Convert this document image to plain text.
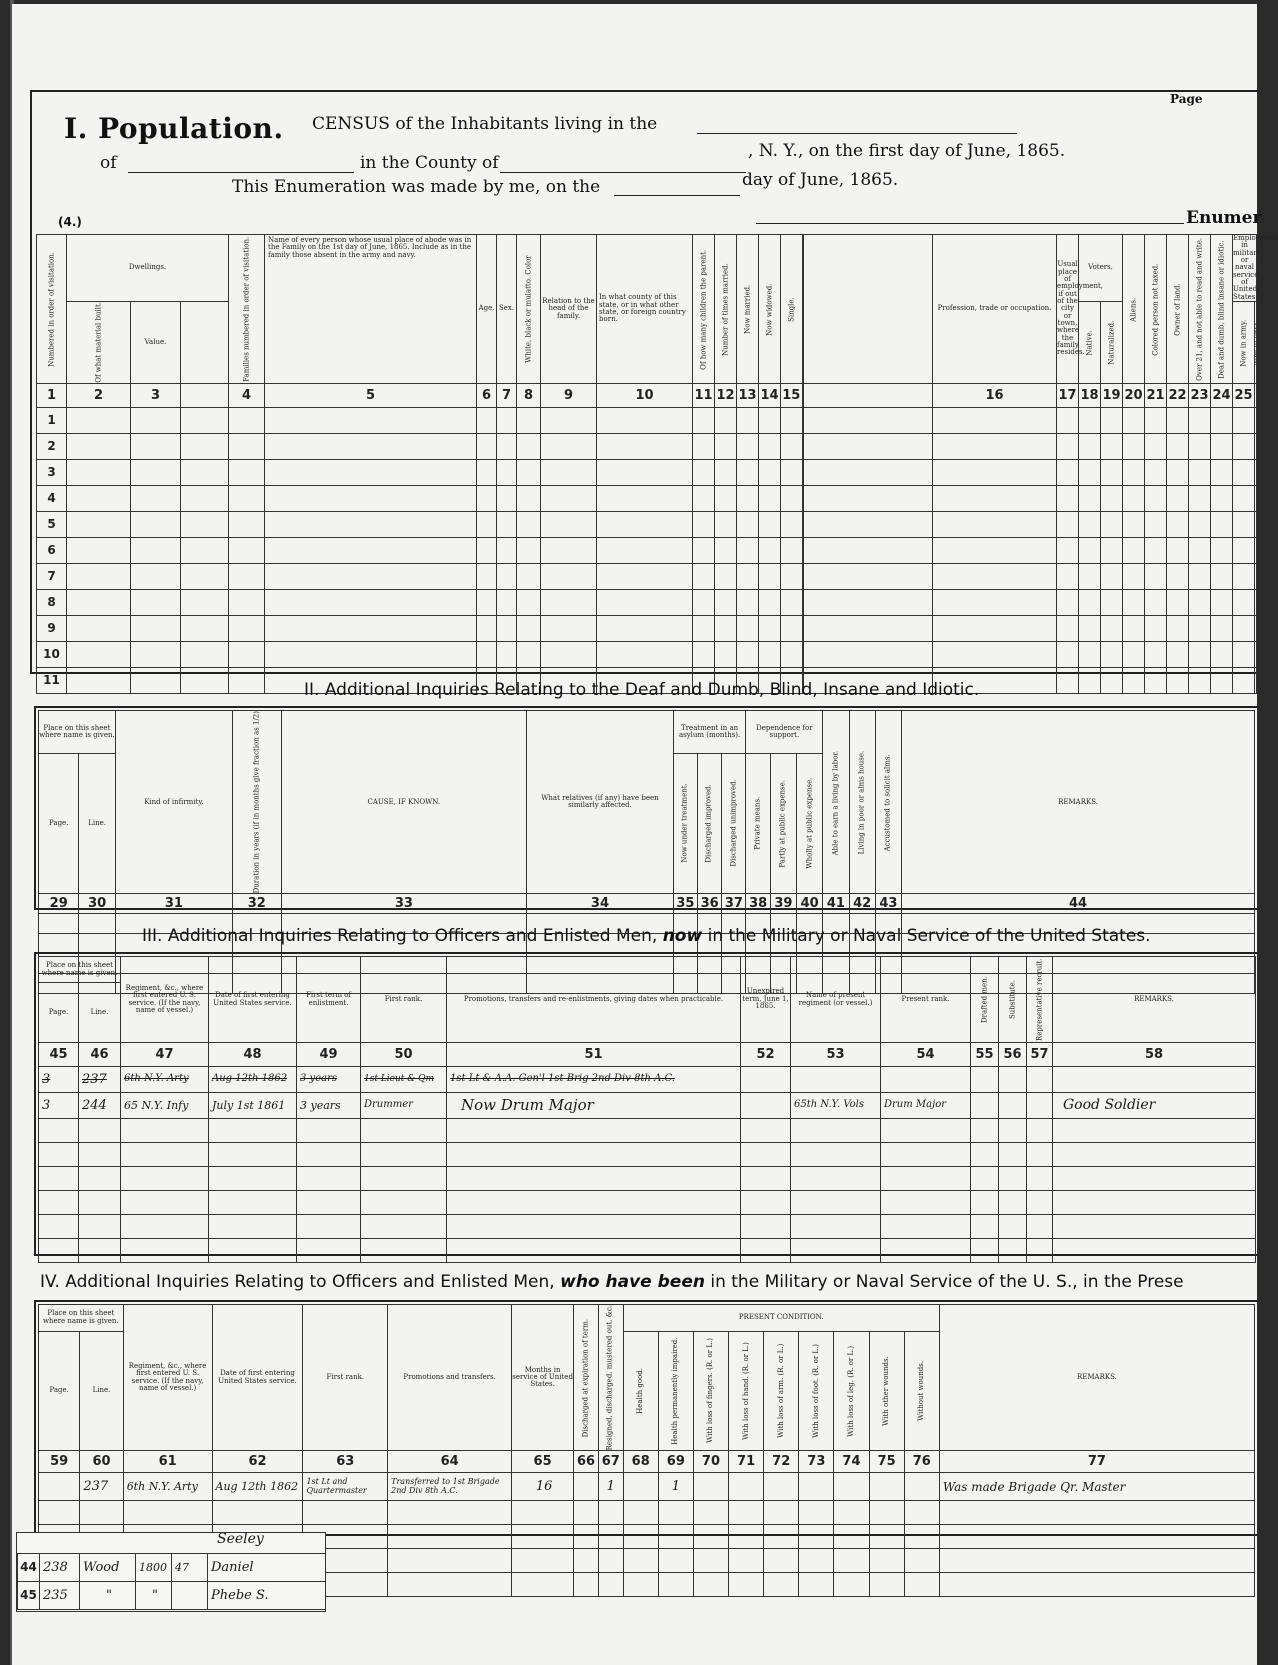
Page
I. Population. CENSUS of the Inhabitants living in the
of	in the County of
, N. Y., on the first day of June, 1865.
This Enumeration was made by me, on the	day of June, 1865.
(4.)	Enumer
Numbered in order of visitation.	Dwellings.			Families numbered in order of visitation.	Name of every person whose usual place of abode was in the Family on the 1st day of June, 1865. Include as in the family those absent in the army and navy.	Age.	Sex.	White, black or mulatto. Color	Relation to the head of the family.	In what county of this state, or in what other state, or foreign country born.	Of how many children the parent.	Number of times married.	Now married.	Now widowed.	Single.		Profession, trade or occupation.	Usual place of employment, if out of the city or town, where the family resides.	Voters.		Aliens.	Colored person not taxed.	Owner of land.	Over 21, and not able to read and write.	Deaf and dumb, blind insane or idiotic.	Employment in military or naval service of United States.	
	Of what material built.	Value.																	Native.	Naturalized.						Now in army.	
1	2	3		4	5	6	7	8	9	10	11	12	13	14	15		16	17	18	19	20	21	22	23	24	25	
1																											
2																											
3																											
4																											
5																											
6																											
7																											
8																											
9																											
10																											
11																												II. Additional Inquiries Relating to the Deaf and Dumb, Blind, Insane and Idiotic.
Place on this sheet where name is given.		Kind of infirmity.	Duration in years (if in months give fraction as 1/2)	CAUSE, IF KNOWN.	What relatives (if any) have been similarly affected.	Treatment in an asylum (months).			Dependence for support.			Able to earn a living by labor.	Living in poor or alms house.	Accustomed to solicit alms.	REMARKS.
Page.	Line.					Now under treatment.	Discharged improved.	Discharged unimproved.	Private means.	Partly at public expense.	Wholly at public expense.				
29	30	31	32	33	34	35	36	37	38	39	40	41	42	43	44

III. Additional Inquiries Relating to Officers and Enlisted Men, now in the Military or Naval Service of the United States.
Place on this sheet where name is given.		Regiment, &c., where first entered U. S. service. (If the navy, name of vessel.)	Date of first entering United States service.	First term of enlistment.	First rank.	Promotions, transfers and re-enlistments, giving dates when practicable.	Unexpired term, June 1, 1865.	Name of present regiment (or vessel.)	Present rank.	Drafted men.	Substitute.	Representative recruit.	REMARKS.
Page.	Line.												
45	46	47	48	49	50	51	52	53	54	55	56	57	58
3	237	6th N.Y. Arty	Aug 12th 1862	3 years	1st Lieut & Qm	1st Lt & A.A. Gen'l 1st Brig 2nd Div 8th A.C.							
3	244	65 N.Y. Infy	July 1st 1861	3 years	Drummer	Now Drum Major		65th N.Y. Vols	Drum Major				Good Soldier

IV. Additional Inquiries Relating to Officers and Enlisted Men, who have been in the Military or Naval Service of the U. S., in the Prese
Place on this sheet where name is given.		Regiment, &c., where first entered U. S. service. (If the navy, name of vessel.)	Date of first entering United States service.	First rank.	Promotions and transfers.	Months in service of United States.	Discharged at expiration of term.	Resigned, discharged, mustered out, &c.	PRESENT CONDITION.									REMARKS.
Page.	Line.								Health good.	Health permanently impaired.	With loss of fingers. (R. or L.)	With loss of hand. (R. or L.)	With loss of arm. (R. or L.)	With loss of foot. (R. or L.)	With loss of leg. (R. or L.)	With other wounds.	Without wounds.	
59	60	61	62	63	64	65	66	67	68	69	70	71	72	73	74	75	76	77
	237	6th N.Y. Arty	Aug 12th 1862	1st Lt and Quartermaster	Transferred to 1st Brigade 2nd Div 8th A.C.	16		1		1								Was made Brigade Qr. Master

Seeley
44	238	Wood	1800	47	Daniel
45	235	"	"		Phebe S.
